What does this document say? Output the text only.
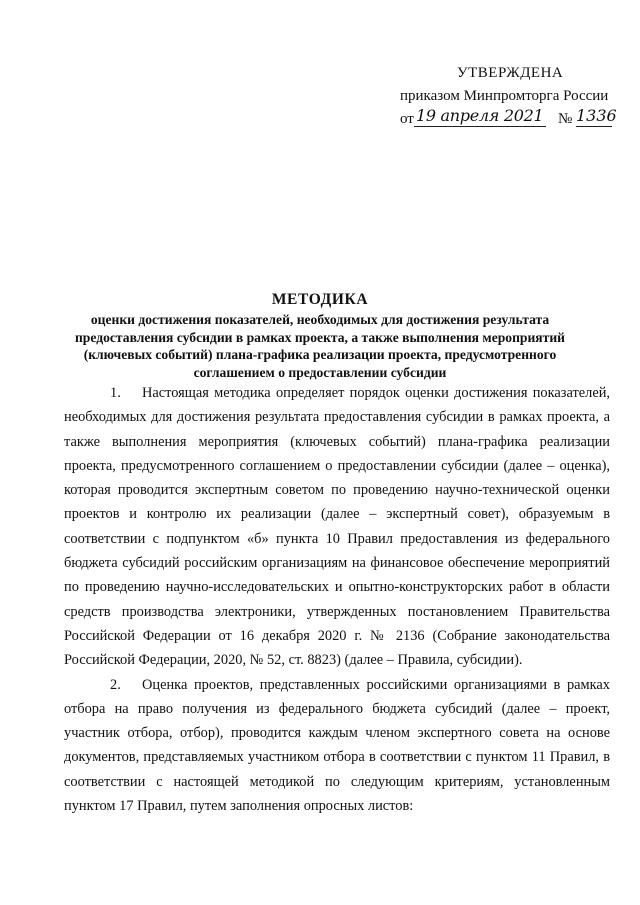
УТВЕРЖДЕНА
приказом Минпромторга России
от 19 апреля 2021 № 1336
МЕТОДИКА
оценки достижения показателей, необходимых для достижения результата
предоставления субсидии в рамках проекта, а также выполнения мероприятий
(ключевых событий) плана-графика реализации проекта, предусмотренного
соглашением о предоставлении субсидии

1. Настоящая методика определяет порядок оценки достижения показателей, необходимых для достижения результата предоставления субсидии в рамках проекта, а также выполнения мероприятия (ключевых событий) плана-графика реализации проекта, предусмотренного соглашением о предоставлении субсидии (далее – оценка), которая проводится экспертным советом по проведению научно-технической оценки проектов и контролю их реализации (далее – экспертный совет), образуемым в соответствии с подпунктом «б» пункта 10 Правил предоставления из федерального бюджета субсидий российским организациям на финансовое обеспечение мероприятий по проведению научно-исследовательских и опытно-конструкторских работ в области средств производства электроники, утвержденных постановлением Правительства Российской Федерации от 16 декабря 2020 г. № 2136 (Собрание законодательства Российской Федерации, 2020, № 52, ст. 8823) (далее – Правила, субсидии).

2. Оценка проектов, представленных российскими организациями в рамках отбора на право получения из федерального бюджета субсидий (далее – проект, участник отбора, отбор), проводится каждым членом экспертного совета на основе документов, представляемых участником отбора в соответствии с пунктом 11 Правил, в соответствии с настоящей методикой по следующим критериям, установленным пунктом 17 Правил, путем заполнения опросных листов:
